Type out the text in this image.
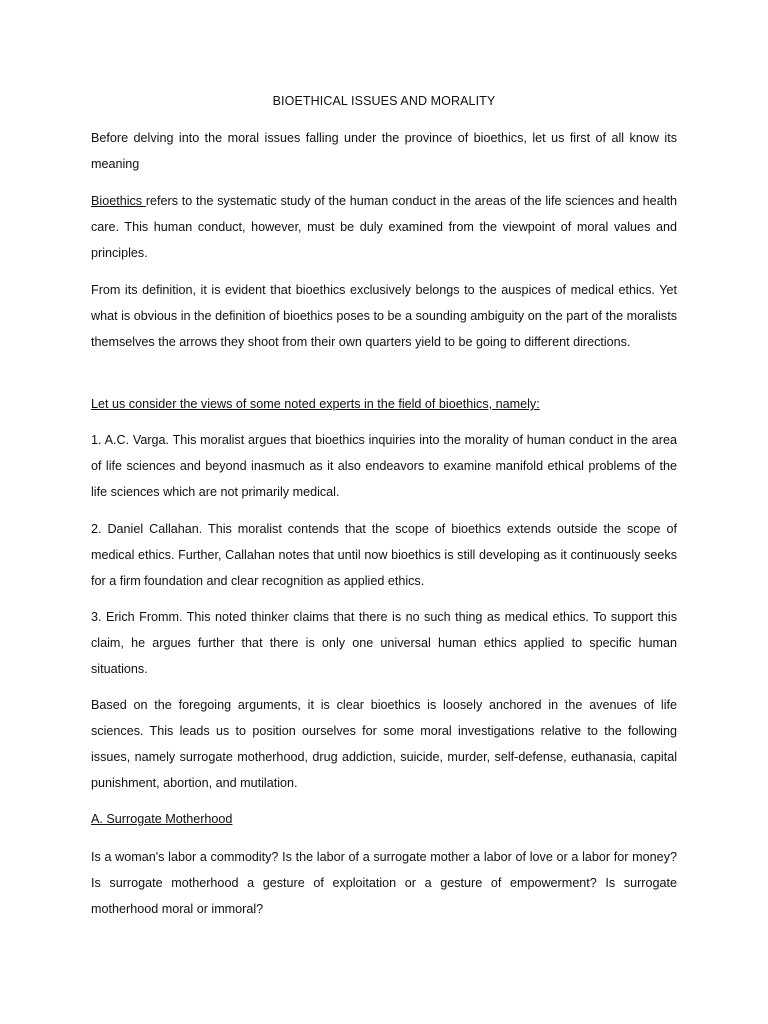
BIOETHICAL ISSUES AND MORALITY
Before delving into the moral issues falling under the province of bioethics, let us first of all know its meaning
Bioethics refers to the systematic study of the human conduct in the areas of the life sciences and health care. This human conduct, however, must be duly examined from the viewpoint of moral values and principles.
From its definition, it is evident that bioethics exclusively belongs to the auspices of medical ethics. Yet what is obvious in the definition of bioethics poses to be a sounding ambiguity on the part of the moralists themselves the arrows they shoot from their own quarters yield to be going to different directions.
Let us consider the views of some noted experts in the field of bioethics, namely:
1. A.C. Varga. This moralist argues that bioethics inquiries into the morality of human conduct in the area of life sciences and beyond inasmuch as it also endeavors to examine manifold ethical problems of the life sciences which are not primarily medical.
2. Daniel Callahan. This moralist contends that the scope of bioethics extends outside the scope of medical ethics. Further, Callahan notes that until now bioethics is still developing as it continuously seeks for a firm foundation and clear recognition as applied ethics.
3. Erich Fromm. This noted thinker claims that there is no such thing as medical ethics. To support this claim, he argues further that there is only one universal human ethics applied to specific human situations.
Based on the foregoing arguments, it is clear bioethics is loosely anchored in the avenues of life sciences. This leads us to position ourselves for some moral investigations relative to the following issues, namely surrogate motherhood, drug addiction, suicide, murder, self-defense, euthanasia, capital punishment, abortion, and mutilation.
A. Surrogate Motherhood
Is a woman's labor a commodity? Is the labor of a surrogate mother a labor of love or a labor for money? Is surrogate motherhood a gesture of exploitation or a gesture of empowerment? Is surrogate motherhood moral or immoral?
